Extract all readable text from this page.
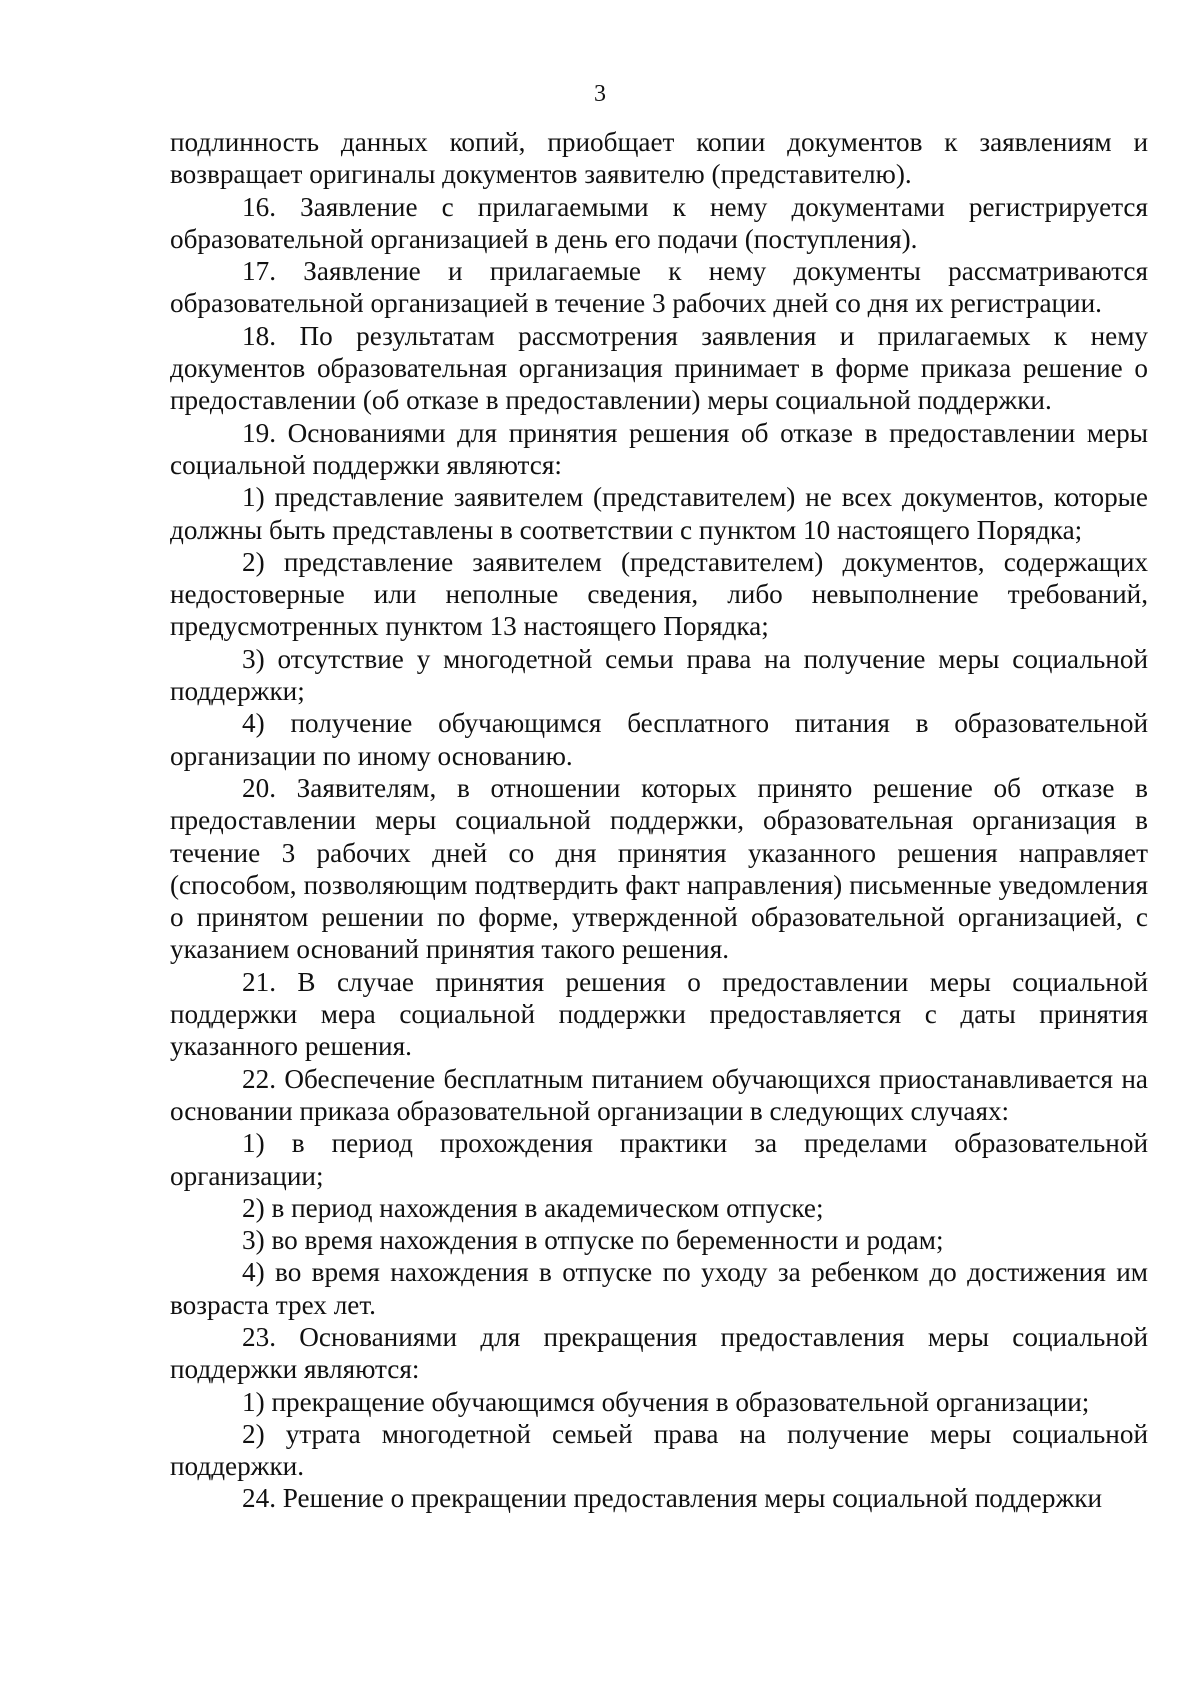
3

подлинность данных копий, приобщает копии документов к заявлениям и возвращает оригиналы документов заявителю (представителю).

16. Заявление с прилагаемыми к нему документами регистрируется образовательной организацией в день его подачи (поступления).

17. Заявление и прилагаемые к нему документы рассматриваются образовательной организацией в течение 3 рабочих дней со дня их регистрации.

18. По результатам рассмотрения заявления и прилагаемых к нему документов образовательная организация принимает в форме приказа решение о предоставлении (об отказе в предоставлении) меры социальной поддержки.

19. Основаниями для принятия решения об отказе в предоставлении меры социальной поддержки являются:

1) представление заявителем (представителем) не всех документов, которые должны быть представлены в соответствии с пунктом 10 настоящего Порядка;

2) представление заявителем (представителем) документов, содержащих недостоверные или неполные сведения, либо невыполнение требований, предусмотренных пунктом 13 настоящего Порядка;

3) отсутствие у многодетной семьи права на получение меры социальной поддержки;

4) получение обучающимся бесплатного питания в образовательной организации по иному основанию.

20. Заявителям, в отношении которых принято решение об отказе в предоставлении меры социальной поддержки, образовательная организация в течение 3 рабочих дней со дня принятия указанного решения направляет (способом, позволяющим подтвердить факт направления) письменные уведомления о принятом решении по форме, утвержденной образовательной организацией, с указанием оснований принятия такого решения.

21. В случае принятия решения о предоставлении меры социальной поддержки мера социальной поддержки предоставляется с даты принятия указанного решения.

22. Обеспечение бесплатным питанием обучающихся приостанавливается на основании приказа образовательной организации в следующих случаях:

1) в период прохождения практики за пределами образовательной организации;

2) в период нахождения в академическом отпуске;

3) во время нахождения в отпуске по беременности и родам;

4) во время нахождения в отпуске по уходу за ребенком до достижения им возраста трех лет.

23. Основаниями для прекращения предоставления меры социальной поддержки являются:

1) прекращение обучающимся обучения в образовательной организации;

2) утрата многодетной семьей права на получение меры социальной поддержки.

24. Решение о прекращении предоставления меры социальной поддержки
